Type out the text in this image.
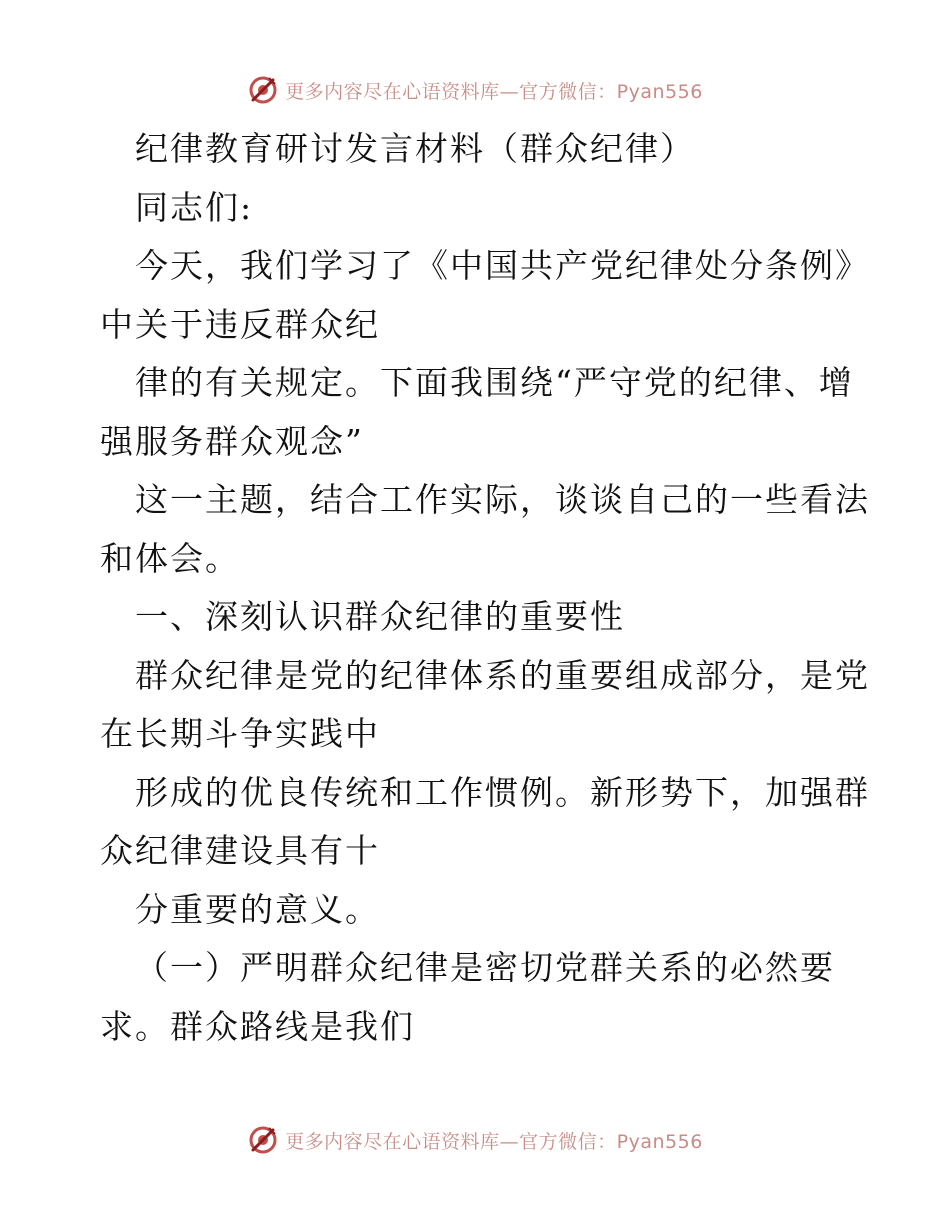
更多内容尽在心语资料库—官方微信：Pyan556
纪律教育研讨发言材料（群众纪律）
同志们:
今天，我们学习了《中国共产党纪律处分条例》
中关于违反群众纪
律的有关规定。下面我围绕“严守党的纪律、增
强服务群众观念”
这一主题，结合工作实际，谈谈自己的一些看法
和体会。
一、深刻认识群众纪律的重要性
群众纪律是党的纪律体系的重要组成部分，是党
在长期斗争实践中
形成的优良传统和工作惯例。新形势下，加强群
众纪律建设具有十
分重要的意义。
（一）严明群众纪律是密切党群关系的必然要
求。群众路线是我们
更多内容尽在心语资料库—官方微信：Pyan556
